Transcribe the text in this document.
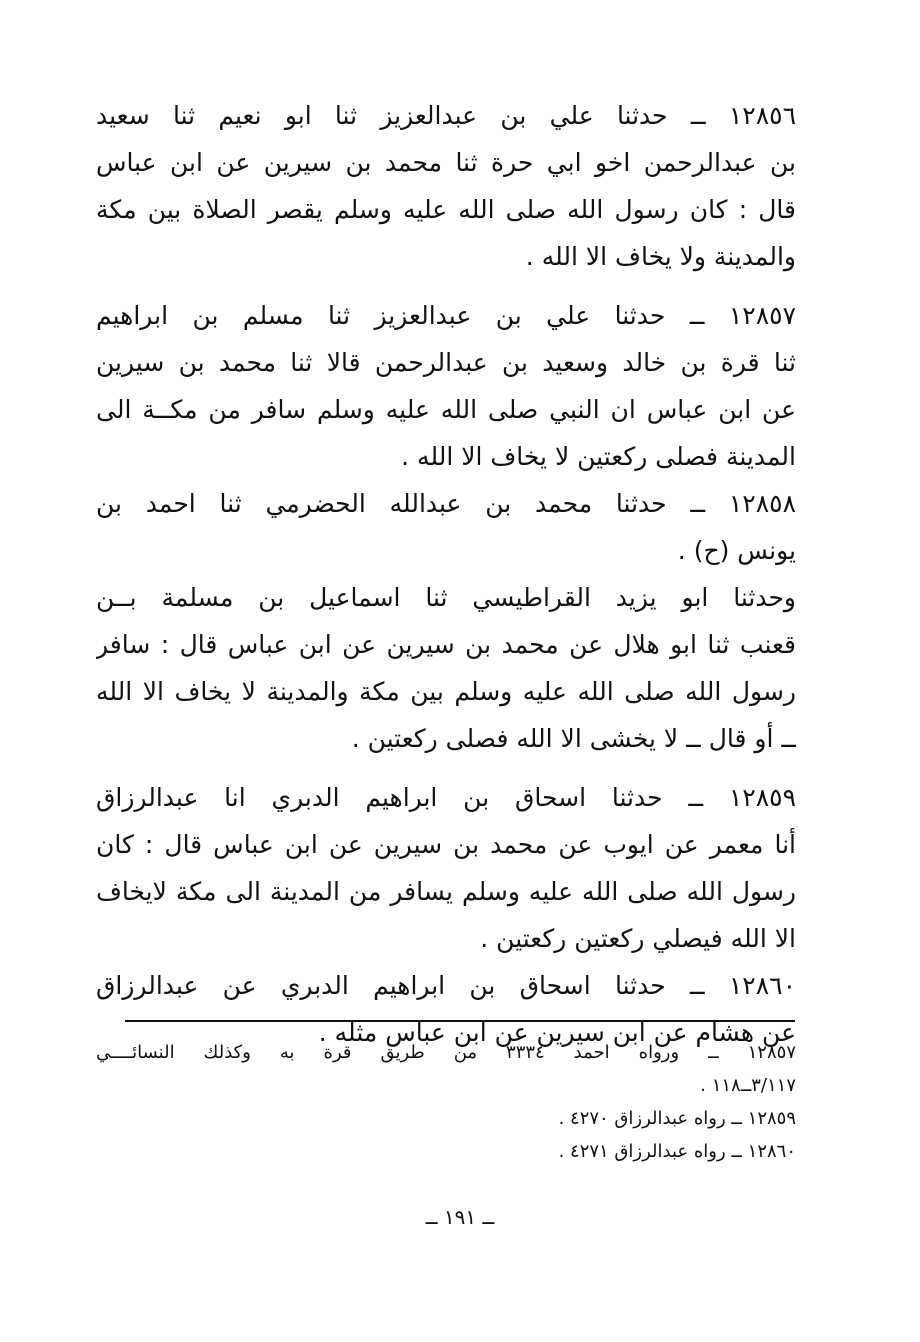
١٢٨٥٦ ــ حدثنا علي بن عبدالعزيز ثنا ابو نعيم ثنا سعيد
بن عبدالرحمن اخو ابي حرة ثنا محمد بن سيرين عن ابن عباس
قال : كان رسول الله صلى الله عليه وسلم يقصر الصلاة بين مكة
والمدينة ولا يخاف الا الله .
١٢٨٥٧ ــ حدثنا علي بن عبدالعزيز ثنا مسلم بن ابراهيم
ثنا قرة بن خالد وسعيد بن عبدالرحمن قالا ثنا محمد بن سيرين
عن ابن عباس ان النبي صلى الله عليه وسلم سافر من مكــة الى
المدينة فصلى ركعتين لا يخاف الا الله .
١٢٨٥٨ ــ حدثنا محمد بن عبدالله الحضرمي ثنا احمد بن
يونس (ح) .
وحدثنا ابو يزيد القراطيسي ثنا اسماعيل بن مسلمة بــن
قعنب ثنا ابو هلال عن محمد بن سيرين عن ابن عباس قال : سافر
رسول الله صلى الله عليه وسلم بين مكة والمدينة لا يخاف الا الله
ــ أو قال ــ لا يخشى الا الله فصلى ركعتين .
١٢٨٥٩ ــ حدثنا اسحاق بن ابراهيم الدبري انا عبدالرزاق
أنا معمر عن ايوب عن محمد بن سيرين عن ابن عباس قال : كان
رسول الله صلى الله عليه وسلم يسافر من المدينة الى مكة لايخاف
الا الله فيصلي ركعتين ركعتين .
١٢٨٦٠ ــ حدثنا اسحاق بن ابراهيم الدبري عن عبدالرزاق
عن هشام عن ابن سيرين عن ابن عباس مثله .
١٢٨٥٧ ــ ورواه احمد ٣٣٣٤ من طريق قرة به وكذلك النسائــــي
٣/١١٧ــ١١٨ .
١٢٨٥٩ ــ رواه عبدالرزاق ٤٢٧٠ .
١٢٨٦٠ ــ رواه عبدالرزاق ٤٢٧١ .
ــ ١٩١ ــ
